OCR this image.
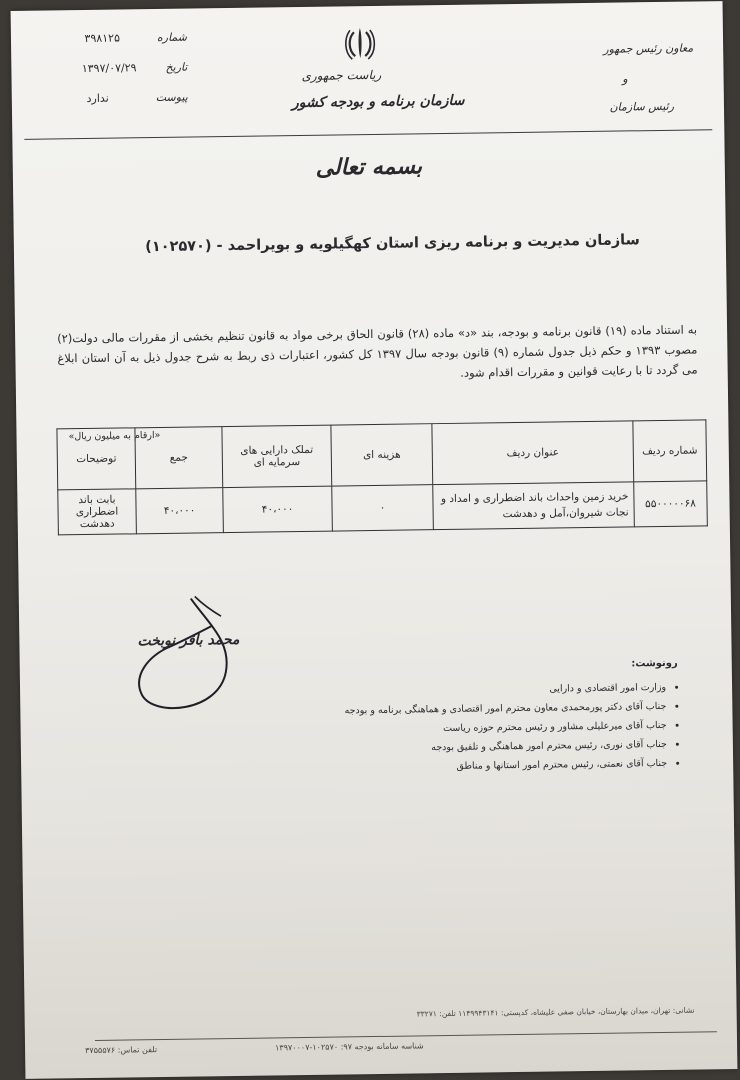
شماره  ۳۹۸۱۲۵
تاریخ  ۱۳۹۷/۰۷/۲۹
پیوست  ندارد
ریاست جمهوری
سازمان برنامه و بودجه کشور
معاون رئیس جمهور
و
رئیس سازمان
بسمه تعالی
سازمان مدیریت و برنامه ریزی استان کهگیلویه و بویراحمد - (۱۰۲۵۷۰)
به استناد ماده (۱۹) قانون برنامه و بودجه، بند «د» ماده (۲۸) قانون الحاق برخی مواد به قانون تنظیم بخشی از مقررات مالی دولت(۲) مصوب ۱۳۹۳ و حکم ذیل جدول شماره (۹) قانون بودجه سال ۱۳۹۷ کل کشور، اعتبارات ذی ربط به شرح جدول ذیل به آن استان ابلاغ می گردد تا با رعایت قوانین و مقررات اقدام شود.
«ارقام به میلیون ریال»
شماره ردیف	عنوان ردیف	هزینه ای	تملک دارایی های سرمایه ای	جمع	توضیحات
۵۵۰۰۰۰۰۶۸	خرید زمین واحداث باند اضطراری و امداد و نجات شیروان،آمل و دهدشت	۰	۴۰،۰۰۰	۴۰،۰۰۰	بابت باند اضطراری دهدشت
محمد باقر نوبخت
رونوشت:
• وزارت امور اقتصادی و دارایی
• جناب آقای دکتر پورمحمدی معاون محترم امور اقتصادی و هماهنگی برنامه و بودجه
• جناب آقای میرعلیلی مشاور و رئیس محترم حوزه ریاست
• جناب آقای نوری، رئیس محترم امور هماهنگی و تلفیق بودجه
• جناب آقای نعمتی، رئیس محترم امور استانها و مناطق
نشانی: تهران، میدان بهارستان، خیابان صفی علیشاه، کدپستی: ۱۱۴۹۹۴۳۱۴۱ تلفن: ۳۳۲۷۱
شناسه سامانه بودجه ۹۷: ۱۰۲۵۷۰-۱۳۹۷۰۰۰۷
تلفن تماس: ۳۷۵۵۵۷۶
